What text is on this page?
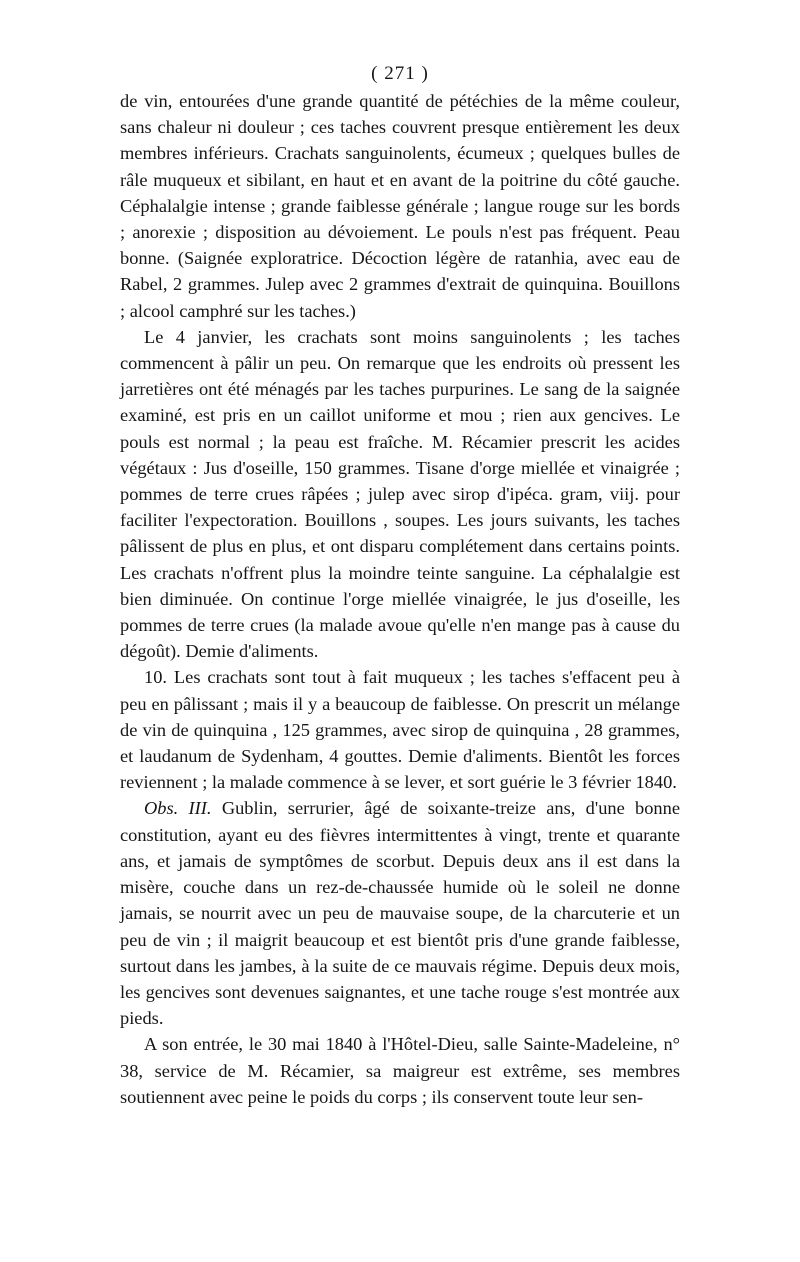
( 271 )

de vin, entourées d'une grande quantité de pétéchies de la même couleur, sans chaleur ni douleur ; ces taches couvrent presque entièrement les deux membres inférieurs. Crachats sanguinolents, écumeux ; quelques bulles de râle muqueux et sibilant, en haut et en avant de la poitrine du côté gauche. Céphalalgie intense ; grande faiblesse générale ; langue rouge sur les bords ; anorexie ; disposition au dévoiement. Le pouls n'est pas fréquent. Peau bonne. (Saignée exploratrice. Décoction légère de ratanhia, avec eau de Rabel, 2 grammes. Julep avec 2 grammes d'extrait de quinquina. Bouillons ; alcool camphré sur les taches.)

Le 4 janvier, les crachats sont moins sanguinolents ; les taches commencent à pâlir un peu. On remarque que les endroits où pressent les jarretières ont été ménagés par les taches purpurines. Le sang de la saignée examiné, est pris en un caillot uniforme et mou ; rien aux gencives. Le pouls est normal ; la peau est fraîche. M. Récamier prescrit les acides végétaux : Jus d'oseille, 150 grammes. Tisane d'orge miellée et vinaigrée ; pommes de terre crues râpées ; julep avec sirop d'ipéca. gram, viij. pour faciliter l'expectoration. Bouillons , soupes. Les jours suivants, les taches pâlissent de plus en plus, et ont disparu complétement dans certains points. Les crachats n'offrent plus la moindre teinte sanguine. La céphalalgie est bien diminuée. On continue l'orge miellée vinaigrée, le jus d'oseille, les pommes de terre crues (la malade avoue qu'elle n'en mange pas à cause du dégoût). Demie d'aliments.

10. Les crachats sont tout à fait muqueux ; les taches s'effacent peu à peu en pâlissant ; mais il y a beaucoup de faiblesse. On prescrit un mélange de vin de quinquina , 125 grammes, avec sirop de quinquina , 28 grammes, et laudanum de Sydenham, 4 gouttes. Demie d'aliments. Bientôt les forces reviennent ; la malade commence à se lever, et sort guérie le 3 février 1840.

Obs. III. Gublin, serrurier, âgé de soixante-treize ans, d'une bonne constitution, ayant eu des fièvres intermittentes à vingt, trente et quarante ans, et jamais de symptômes de scorbut. Depuis deux ans il est dans la misère, couche dans un rez-de-chaussée humide où le soleil ne donne jamais, se nourrit avec un peu de mauvaise soupe, de la charcuterie et un peu de vin ; il maigrit beaucoup et est bientôt pris d'une grande faiblesse, surtout dans les jambes, à la suite de ce mauvais régime. Depuis deux mois, les gencives sont devenues saignantes, et une tache rouge s'est montrée aux pieds.

A son entrée, le 30 mai 1840 à l'Hôtel-Dieu, salle Sainte-Madeleine, n° 38, service de M. Récamier, sa maigreur est extrême, ses membres soutiennent avec peine le poids du corps ; ils conservent toute leur sen-
